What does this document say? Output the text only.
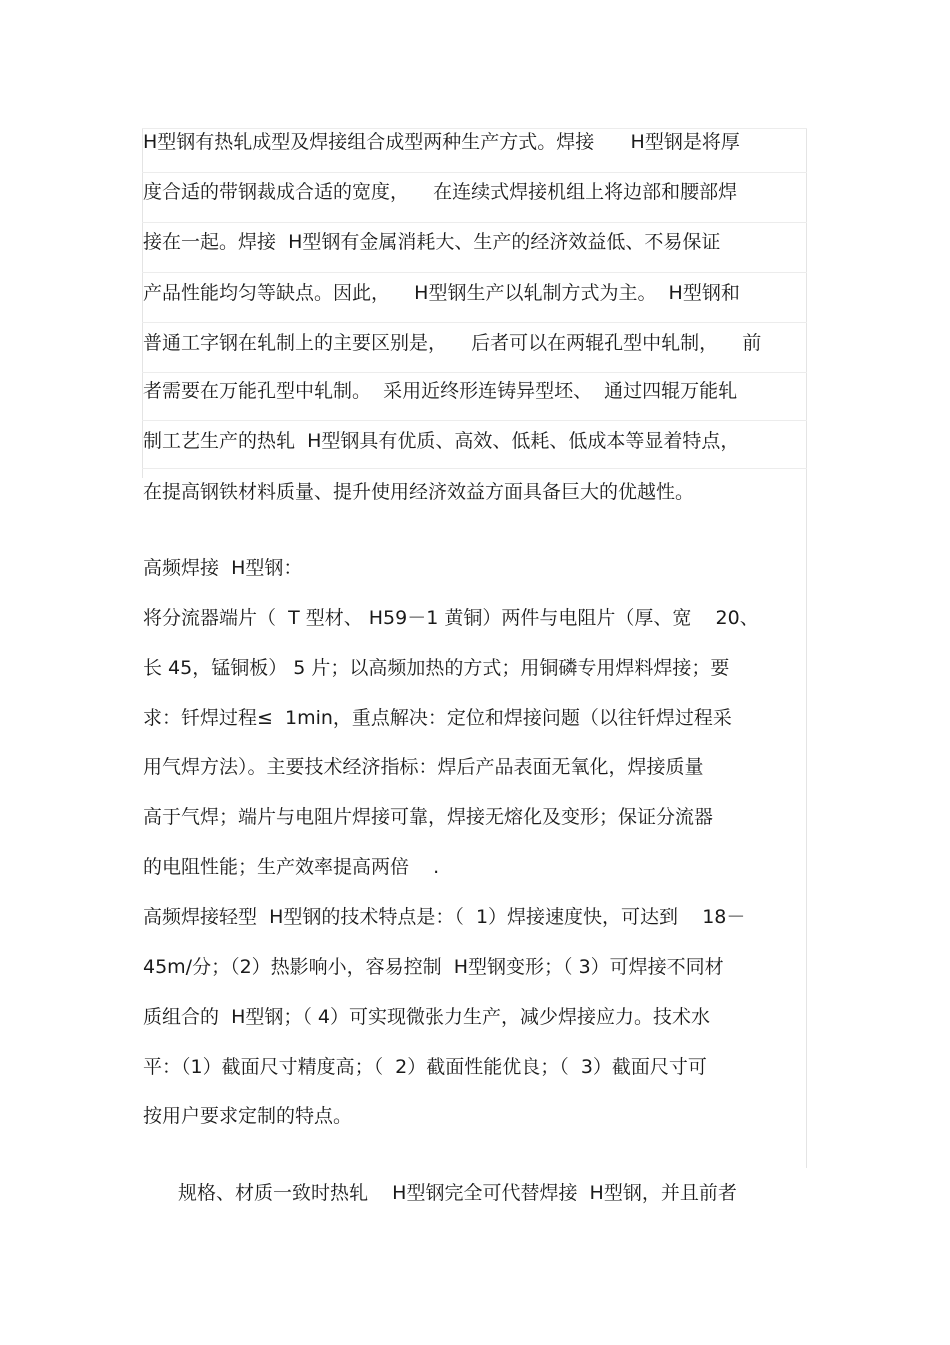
H型钢有热轧成型及焊接组合成型两种生产方式。焊接      H型钢是将厚
度合适的带钢裁成合适的宽度，    在连续式焊接机组上将边部和腰部焊
接在一起。焊接  H型钢有金属消耗大、生产的经济效益低、不易保证
产品性能均匀等缺点。因此，    H型钢生产以轧制方式为主。  H型钢和
普通工字钢在轧制上的主要区别是，    后者可以在两辊孔型中轧制，    前
者需要在万能孔型中轧制。  采用近终形连铸异型坯、  通过四辊万能轧
制工艺生产的热轧  H型钢具有优质、高效、低耗、低成本等显着特点，
在提高钢铁材料质量、提升使用经济效益方面具备巨大的优越性。
高频焊接  H型钢：
将分流器端片（  T 型材、 H59－1 黄铜）两件与电阻片（厚、宽    20、
长 45，锰铜板） 5 片；以高频加热的方式；用铜磷专用焊料焊接；要
求：钎焊过程≤  1min，重点解决：定位和焊接问题（以往钎焊过程采
用气焊方法）。主要技术经济指标：焊后产品表面无氧化，焊接质量
高于气焊；端片与电阻片焊接可靠，焊接无熔化及变形；保证分流器
的电阻性能；生产效率提高两倍    .
高频焊接轻型  H型钢的技术特点是：（  1）焊接速度快，可达到    18－
45m/分；（2）热影响小，容易控制  H型钢变形；（ 3）可焊接不同材
质组合的  H型钢；（ 4）可实现微张力生产，减少焊接应力。技术水
平：（1）截面尺寸精度高；（  2）截面性能优良；（  3）截面尺寸可
按用户要求定制的特点。
规格、材质一致时热轧    H型钢完全可代替焊接  H型钢，并且前者
